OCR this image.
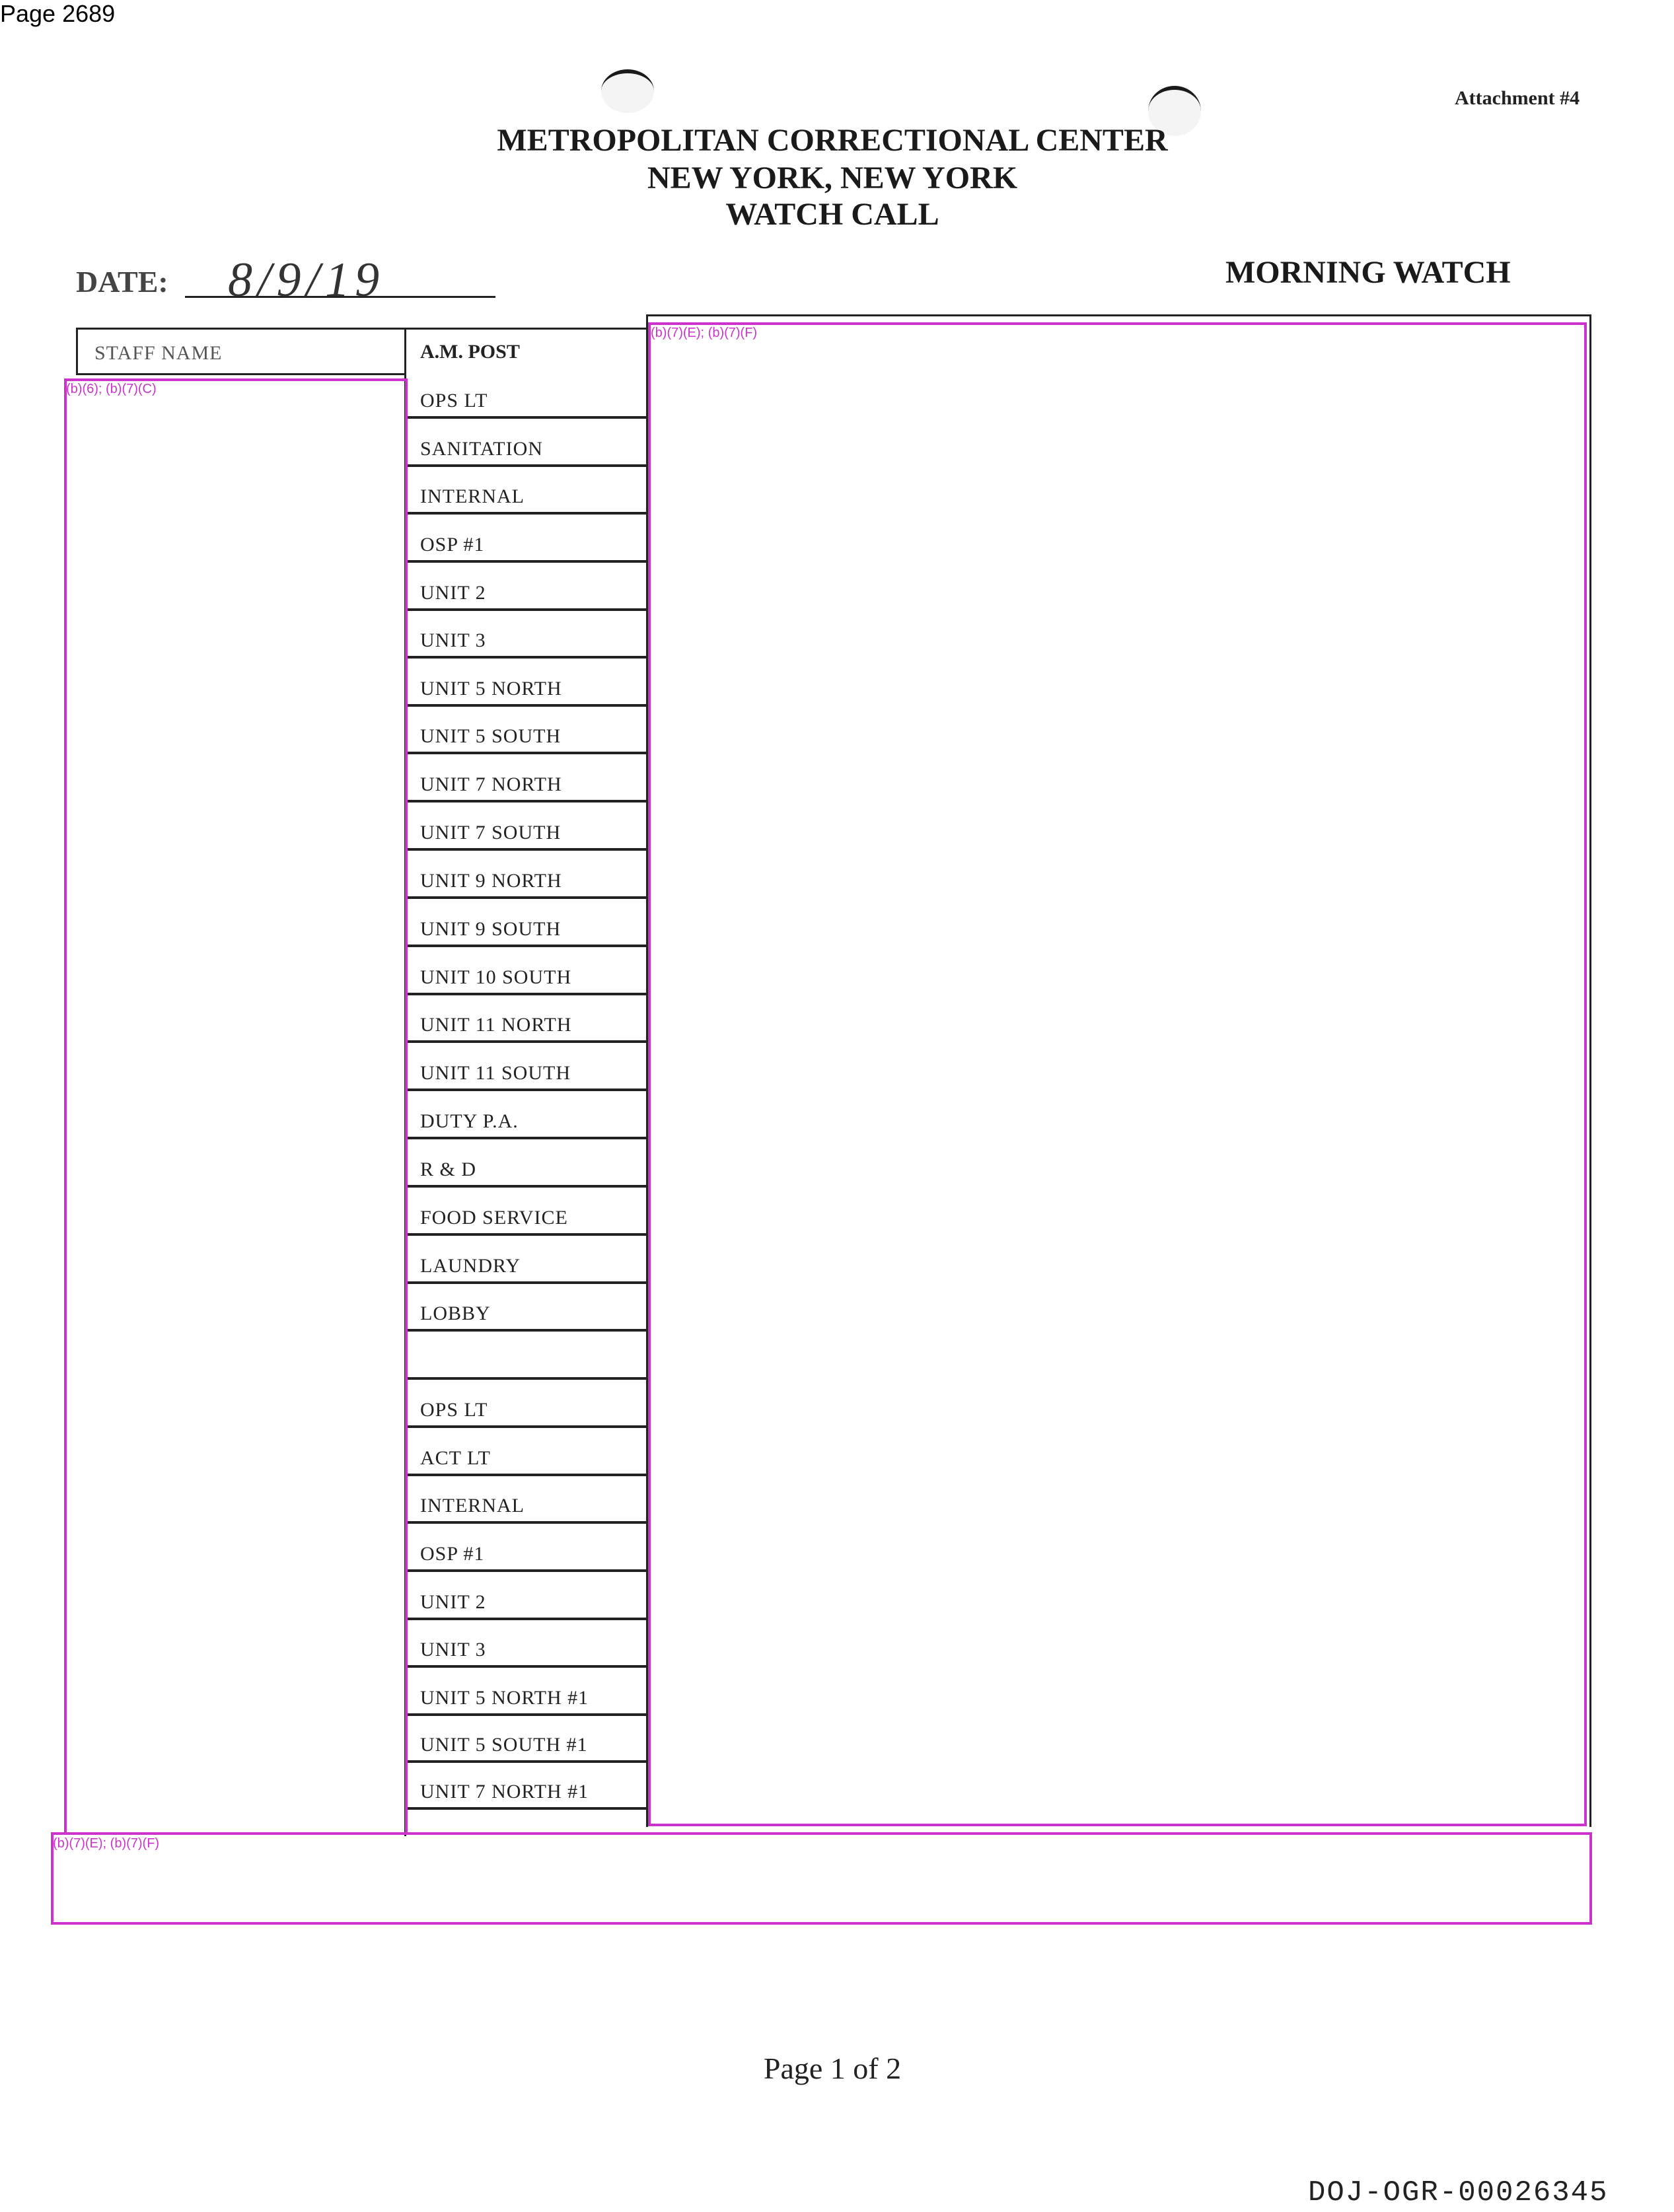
Page 2689
Attachment #4
METROPOLITAN CORRECTIONAL CENTER
NEW YORK, NEW YORK
WATCH CALL
DATE: 8/9/19	MORNING WATCH
STAFF NAME	A.M. POST
OPS LT
SANITATION
INTERNAL
OSP #1
UNIT 2
UNIT 3
UNIT 5 NORTH
UNIT 5 SOUTH
UNIT 7 NORTH
UNIT 7 SOUTH
UNIT 9 NORTH
UNIT 9 SOUTH
UNIT 10 SOUTH
UNIT 11 NORTH
UNIT 11 SOUTH
DUTY P.A.
R & D
FOOD SERVICE
LAUNDRY
LOBBY
OPS LT
ACT LT
INTERNAL
OSP #1
UNIT 2
UNIT 3
UNIT 5 NORTH #1
UNIT 5 SOUTH #1
UNIT 7 NORTH #1
(b)(6); (b)(7)(C)
(b)(7)(E); (b)(7)(F)
(b)(7)(E); (b)(7)(F)
Page 1 of 2
DOJ-OGR-00026345
